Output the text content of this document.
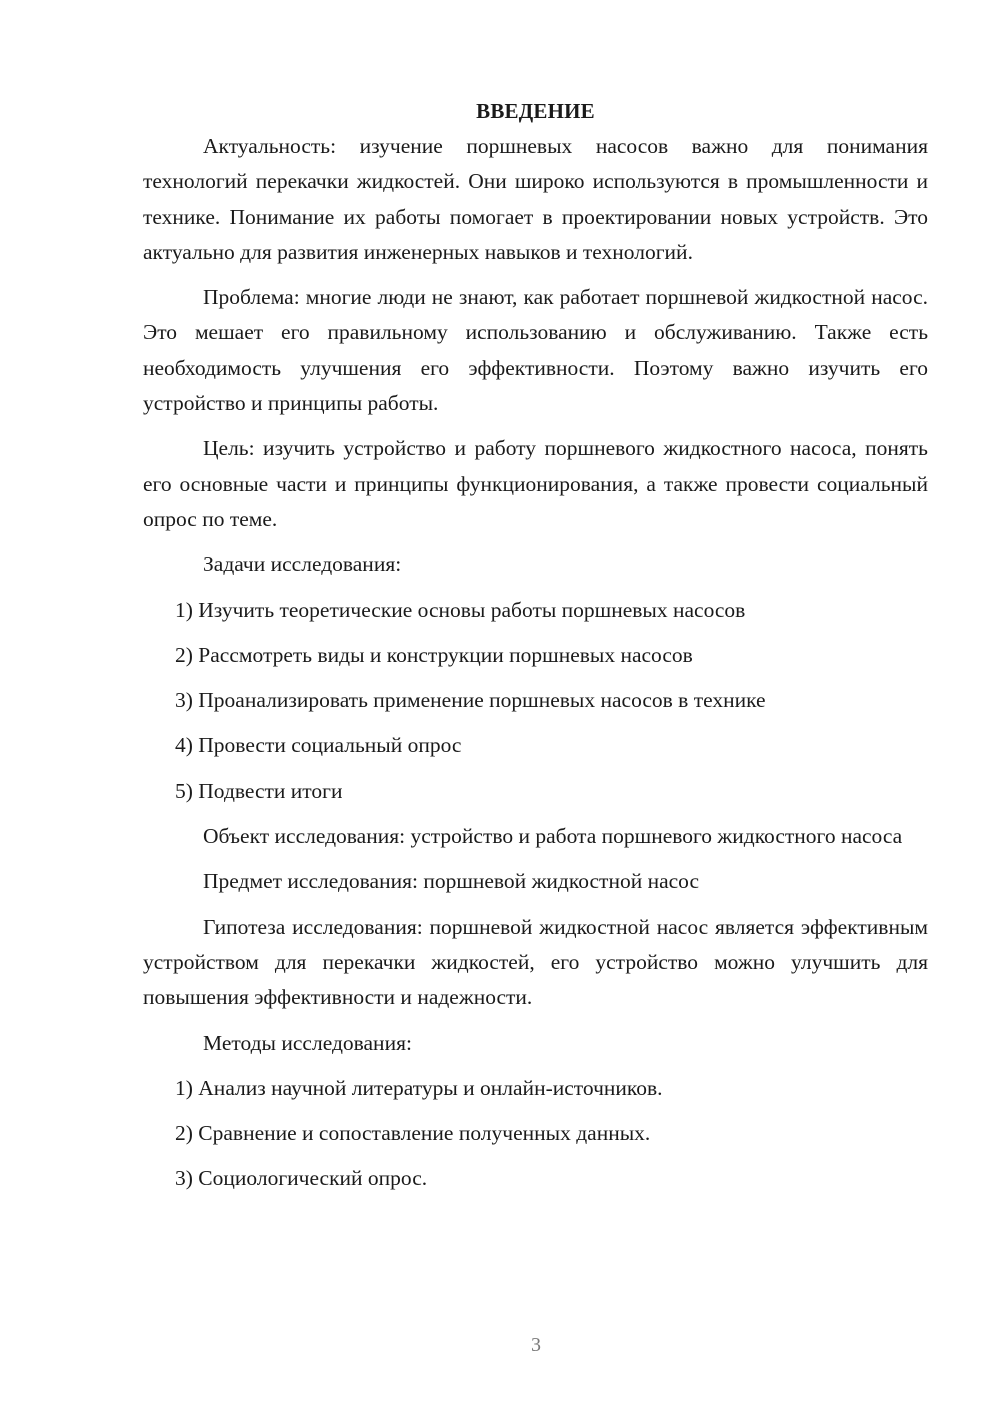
ВВЕДЕНИЕ

Актуальность: изучение поршневых насосов важно для понимания технологий перекачки жидкостей. Они широко используются в промышленности и технике. Понимание их работы помогает в проектировании новых устройств. Это актуально для развития инженерных навыков и технологий.

Проблема: многие люди не знают, как работает поршневой жидкостной насос. Это мешает его правильному использованию и обслуживанию. Также есть необходимость улучшения его эффективности. Поэтому важно изучить его устройство и принципы работы.

Цель: изучить устройство и работу поршневого жидкостного насоса, понять его основные части и принципы функционирования, а также провести социальный опрос по теме.

Задачи исследования:

1) Изучить теоретические основы работы поршневых насосов
2) Рассмотреть виды и конструкции поршневых насосов
3) Проанализировать применение поршневых насосов в технике
4) Провести социальный опрос
5) Подвести итоги

Объект исследования: устройство и работа поршневого жидкостного насоса

Предмет исследования: поршневой жидкостной насос

Гипотеза исследования: поршневой жидкостной насос является эффективным устройством для перекачки жидкостей, его устройство можно улучшить для повышения эффективности и надежности.

Методы исследования:

1) Анализ научной литературы и онлайн-источников.
2) Сравнение и сопоставление полученных данных.
3) Социологический опрос.
3
